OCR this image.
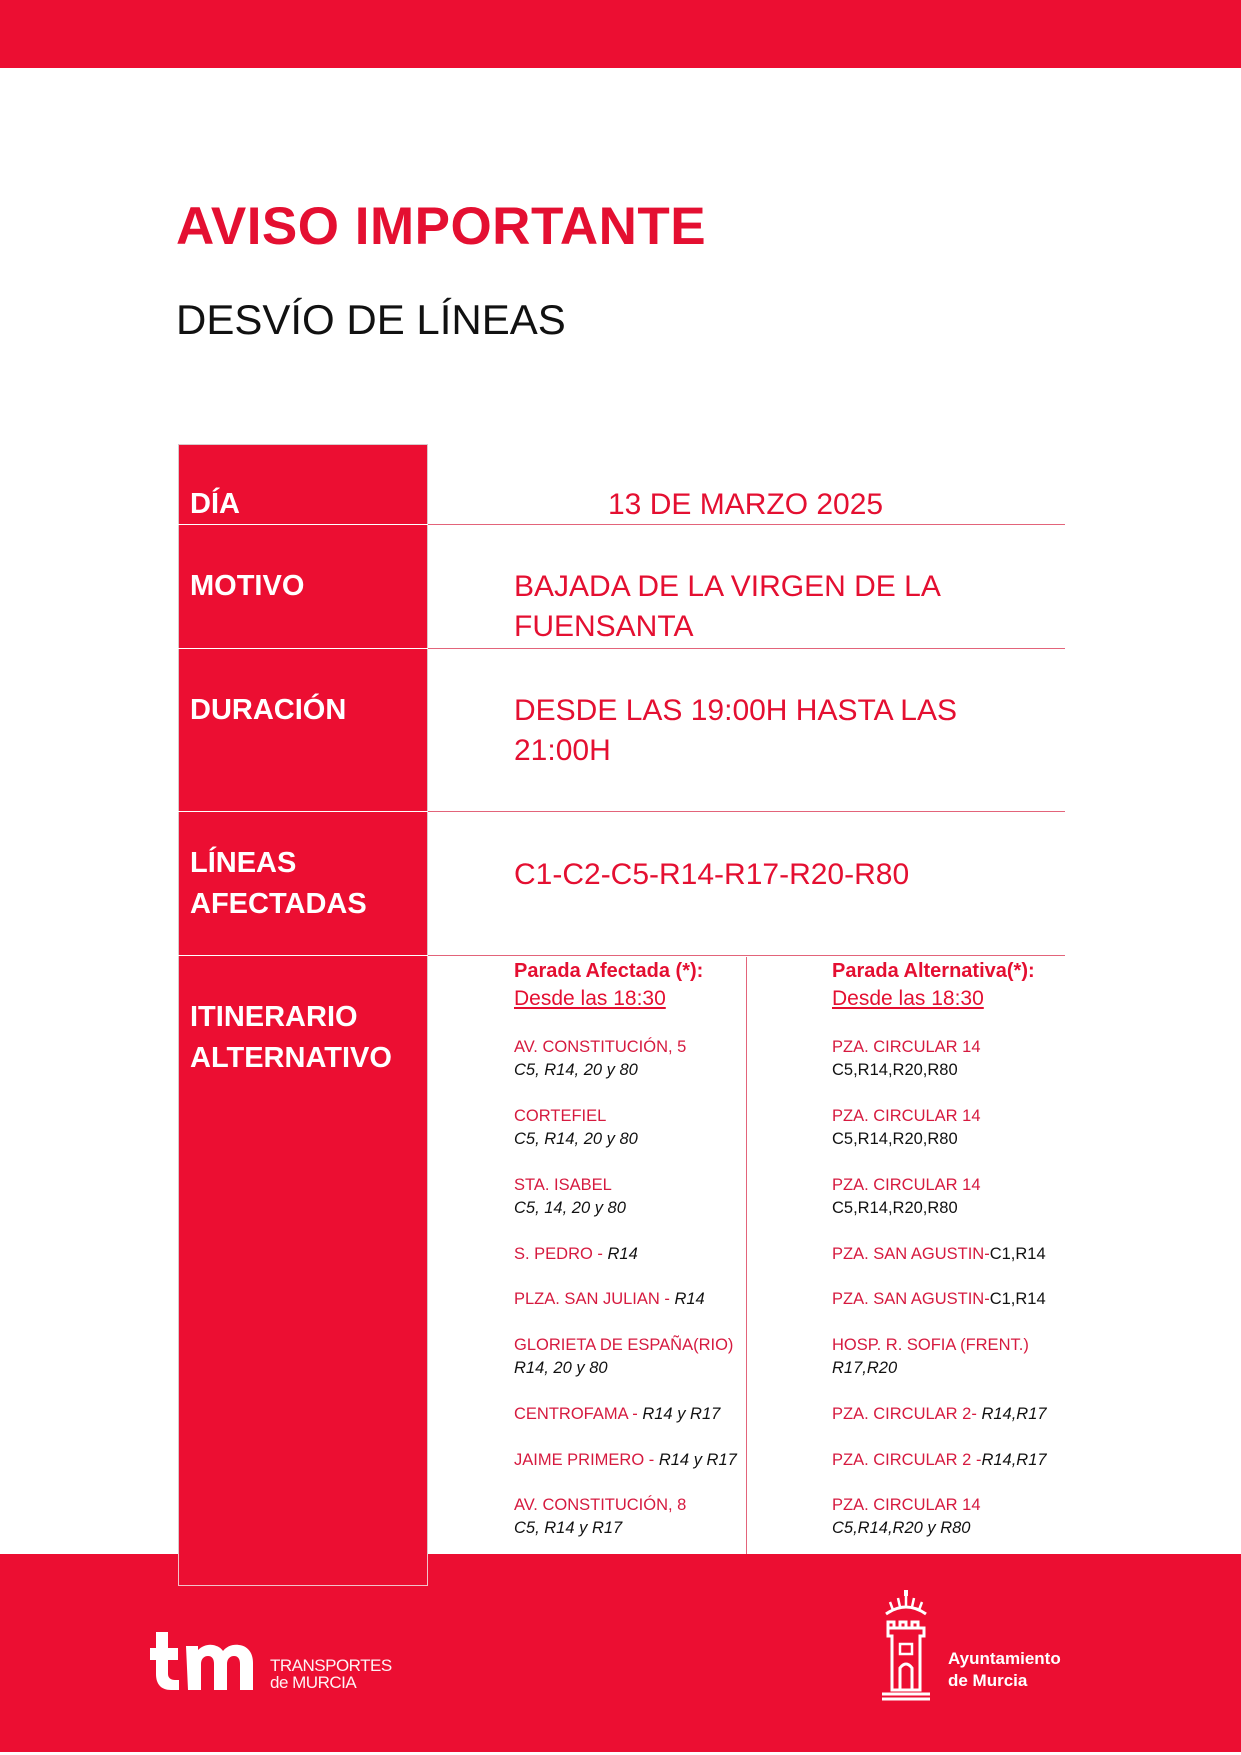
AVISO IMPORTANTE
DESVÍO DE LÍNEAS
DÍA
MOTIVO
DURACIÓN
LÍNEAS
AFECTADAS
ITINERARIO
ALTERNATIVO
13 DE MARZO 2025
BAJADA DE LA VIRGEN DE LA
FUENSANTA
DESDE LAS 19:00H HASTA LAS
21:00H
C1-C2-C5-R14-R17-R20-R80
Parada Afectada (*):
Desde las 18:30
Parada Alternativa(*):
Desde las 18:30
AV. CONSTITUCIÓN, 5
C5, R14, 20 y 80
CORTEFIEL
C5, R14, 20 y 80
STA. ISABEL
C5, 14, 20 y 80
S. PEDRO - R14
PLZA. SAN JULIAN - R14
GLORIETA DE ESPAÑA(RIO)
R14, 20 y 80
CENTROFAMA - R14 y R17
JAIME PRIMERO - R14 y R17
AV. CONSTITUCIÓN, 8
C5, R14 y R17
PZA. CIRCULAR 14
C5,R14,R20,R80
PZA. CIRCULAR 14
C5,R14,R20,R80
PZA. CIRCULAR 14
C5,R14,R20,R80
PZA. SAN AGUSTIN-C1,R14
PZA. SAN AGUSTIN-C1,R14
HOSP. R. SOFIA (FRENT.)
R17,R20
PZA. CIRCULAR 2- R14,R17
PZA. CIRCULAR 2 -R14,R17
PZA. CIRCULAR 14
C5,R14,R20 y R80
TRANSPORTES
de MURCIA
Ayuntamiento
de Murcia
